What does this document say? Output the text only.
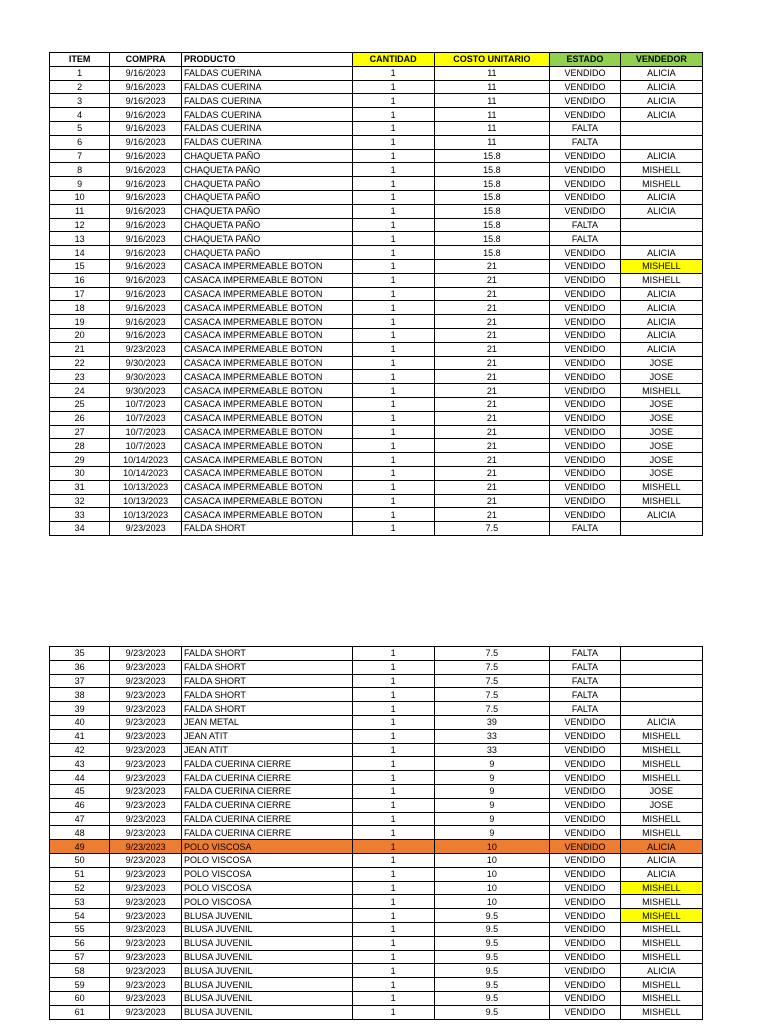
ITEM	COMPRA	PRODUCTO	CANTIDAD	COSTO UNITARIO	ESTADO	VENDEDOR
1	9/16/2023	FALDAS CUERINA	1	11	VENDIDO	ALICIA
2	9/16/2023	FALDAS CUERINA	1	11	VENDIDO	ALICIA
3	9/16/2023	FALDAS CUERINA	1	11	VENDIDO	ALICIA
4	9/16/2023	FALDAS CUERINA	1	11	VENDIDO	ALICIA
5	9/16/2023	FALDAS CUERINA	1	11	FALTA	
6	9/16/2023	FALDAS CUERINA	1	11	FALTA	
7	9/16/2023	CHAQUETA PAÑO	1	15.8	VENDIDO	ALICIA
8	9/16/2023	CHAQUETA PAÑO	1	15.8	VENDIDO	MISHELL
9	9/16/2023	CHAQUETA PAÑO	1	15.8	VENDIDO	MISHELL
10	9/16/2023	CHAQUETA PAÑO	1	15.8	VENDIDO	ALICIA
11	9/16/2023	CHAQUETA PAÑO	1	15.8	VENDIDO	ALICIA
12	9/16/2023	CHAQUETA PAÑO	1	15.8	FALTA	
13	9/16/2023	CHAQUETA PAÑO	1	15.8	FALTA	
14	9/16/2023	CHAQUETA PAÑO	1	15.8	VENDIDO	ALICIA
15	9/16/2023	CASACA IMPERMEABLE BOTON	1	21	VENDIDO	MISHELL
16	9/16/2023	CASACA IMPERMEABLE BOTON	1	21	VENDIDO	MISHELL
17	9/16/2023	CASACA IMPERMEABLE BOTON	1	21	VENDIDO	ALICIA
18	9/16/2023	CASACA IMPERMEABLE BOTON	1	21	VENDIDO	ALICIA
19	9/16/2023	CASACA IMPERMEABLE BOTON	1	21	VENDIDO	ALICIA
20	9/16/2023	CASACA IMPERMEABLE BOTON	1	21	VENDIDO	ALICIA
21	9/23/2023	CASACA IMPERMEABLE BOTON	1	21	VENDIDO	ALICIA
22	9/30/2023	CASACA IMPERMEABLE BOTON	1	21	VENDIDO	JOSE
23	9/30/2023	CASACA IMPERMEABLE BOTON	1	21	VENDIDO	JOSE
24	9/30/2023	CASACA IMPERMEABLE BOTON	1	21	VENDIDO	MISHELL
25	10/7/2023	CASACA IMPERMEABLE BOTON	1	21	VENDIDO	JOSE
26	10/7/2023	CASACA IMPERMEABLE BOTON	1	21	VENDIDO	JOSE
27	10/7/2023	CASACA IMPERMEABLE BOTON	1	21	VENDIDO	JOSE
28	10/7/2023	CASACA IMPERMEABLE BOTON	1	21	VENDIDO	JOSE
29	10/14/2023	CASACA IMPERMEABLE BOTON	1	21	VENDIDO	JOSE
30	10/14/2023	CASACA IMPERMEABLE BOTON	1	21	VENDIDO	JOSE
31	10/13/2023	CASACA IMPERMEABLE BOTON	1	21	VENDIDO	MISHELL
32	10/13/2023	CASACA IMPERMEABLE BOTON	1	21	VENDIDO	MISHELL
33	10/13/2023	CASACA IMPERMEABLE BOTON	1	21	VENDIDO	ALICIA
34	9/23/2023	FALDA SHORT	1	7.5	FALTA	
35	9/23/2023	FALDA SHORT	1	7.5	FALTA	
36	9/23/2023	FALDA SHORT	1	7.5	FALTA	
37	9/23/2023	FALDA SHORT	1	7.5	FALTA	
38	9/23/2023	FALDA SHORT	1	7.5	FALTA	
39	9/23/2023	FALDA SHORT	1	7.5	FALTA	
40	9/23/2023	JEAN METAL	1	39	VENDIDO	ALICIA
41	9/23/2023	JEAN ATIT	1	33	VENDIDO	MISHELL
42	9/23/2023	JEAN ATIT	1	33	VENDIDO	MISHELL
43	9/23/2023	FALDA CUERINA CIERRE	1	9	VENDIDO	MISHELL
44	9/23/2023	FALDA CUERINA CIERRE	1	9	VENDIDO	MISHELL
45	9/23/2023	FALDA CUERINA CIERRE	1	9	VENDIDO	JOSE
46	9/23/2023	FALDA CUERINA CIERRE	1	9	VENDIDO	JOSE
47	9/23/2023	FALDA CUERINA CIERRE	1	9	VENDIDO	MISHELL
48	9/23/2023	FALDA CUERINA CIERRE	1	9	VENDIDO	MISHELL
49	9/23/2023	POLO VISCOSA	1	10	VENDIDO	ALICIA
50	9/23/2023	POLO VISCOSA	1	10	VENDIDO	ALICIA
51	9/23/2023	POLO VISCOSA	1	10	VENDIDO	ALICIA
52	9/23/2023	POLO VISCOSA	1	10	VENDIDO	MISHELL
53	9/23/2023	POLO VISCOSA	1	10	VENDIDO	MISHELL
54	9/23/2023	BLUSA JUVENIL	1	9.5	VENDIDO	MISHELL
55	9/23/2023	BLUSA JUVENIL	1	9.5	VENDIDO	MISHELL
56	9/23/2023	BLUSA JUVENIL	1	9.5	VENDIDO	MISHELL
57	9/23/2023	BLUSA JUVENIL	1	9.5	VENDIDO	MISHELL
58	9/23/2023	BLUSA JUVENIL	1	9.5	VENDIDO	ALICIA
59	9/23/2023	BLUSA JUVENIL	1	9.5	VENDIDO	MISHELL
60	9/23/2023	BLUSA JUVENIL	1	9.5	VENDIDO	MISHELL
61	9/23/2023	BLUSA JUVENIL	1	9.5	VENDIDO	MISHELL
